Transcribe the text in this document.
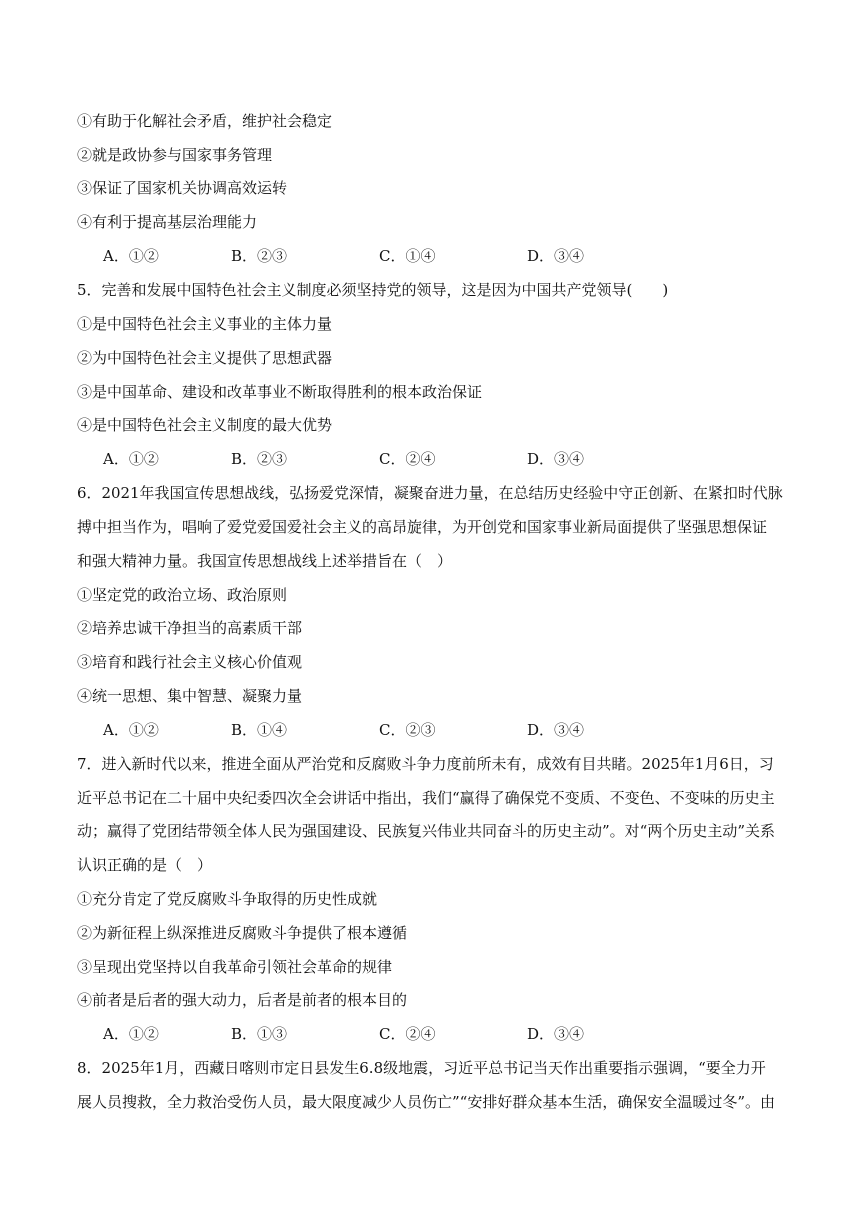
①有助于化解社会矛盾，维护社会稳定
②就是政协参与国家事务管理
③保证了国家机关协调高效运转
④有利于提高基层治理能力
A．①②	B．②③	C．①④	D．③④
5．完善和发展中国特色社会主义制度必须坚持党的领导，这是因为中国共产党领导(　　)
①是中国特色社会主义事业的主体力量
②为中国特色社会主义提供了思想武器
③是中国革命、建设和改革事业不断取得胜利的根本政治保证
④是中国特色社会主义制度的最大优势
A．①②	B．②③	C．②④	D．③④
6．2021年我国宣传思想战线，弘扬爱党深情，凝聚奋进力量，在总结历史经验中守正创新、在紧扣时代脉
搏中担当作为，唱响了爱党爱国爱社会主义的高昂旋律，为开创党和国家事业新局面提供了坚强思想保证
和强大精神力量。我国宣传思想战线上述举措旨在（　）
①坚定党的政治立场、政治原则
②培养忠诚干净担当的高素质干部
③培育和践行社会主义核心价值观
④统一思想、集中智慧、凝聚力量
A．①②	B．①④	C．②③	D．③④
7．进入新时代以来，推进全面从严治党和反腐败斗争力度前所未有，成效有目共睹。2025年1月6日，习
近平总书记在二十届中央纪委四次全会讲话中指出，我们“赢得了确保党不变质、不变色、不变味的历史主
动；赢得了党团结带领全体人民为强国建设、民族复兴伟业共同奋斗的历史主动”。对“两个历史主动”关系
认识正确的是（　）
①充分肯定了党反腐败斗争取得的历史性成就
②为新征程上纵深推进反腐败斗争提供了根本遵循
③呈现出党坚持以自我革命引领社会革命的规律
④前者是后者的强大动力，后者是前者的根本目的
A．①②	B．①③	C．②④	D．③④
8．2025年1月，西藏日喀则市定日县发生6.8级地震，习近平总书记当天作出重要指示强调，“要全力开
展人员搜救，全力救治受伤人员，最大限度减少人员伤亡”“安排好群众基本生活，确保安全温暖过冬”。由
